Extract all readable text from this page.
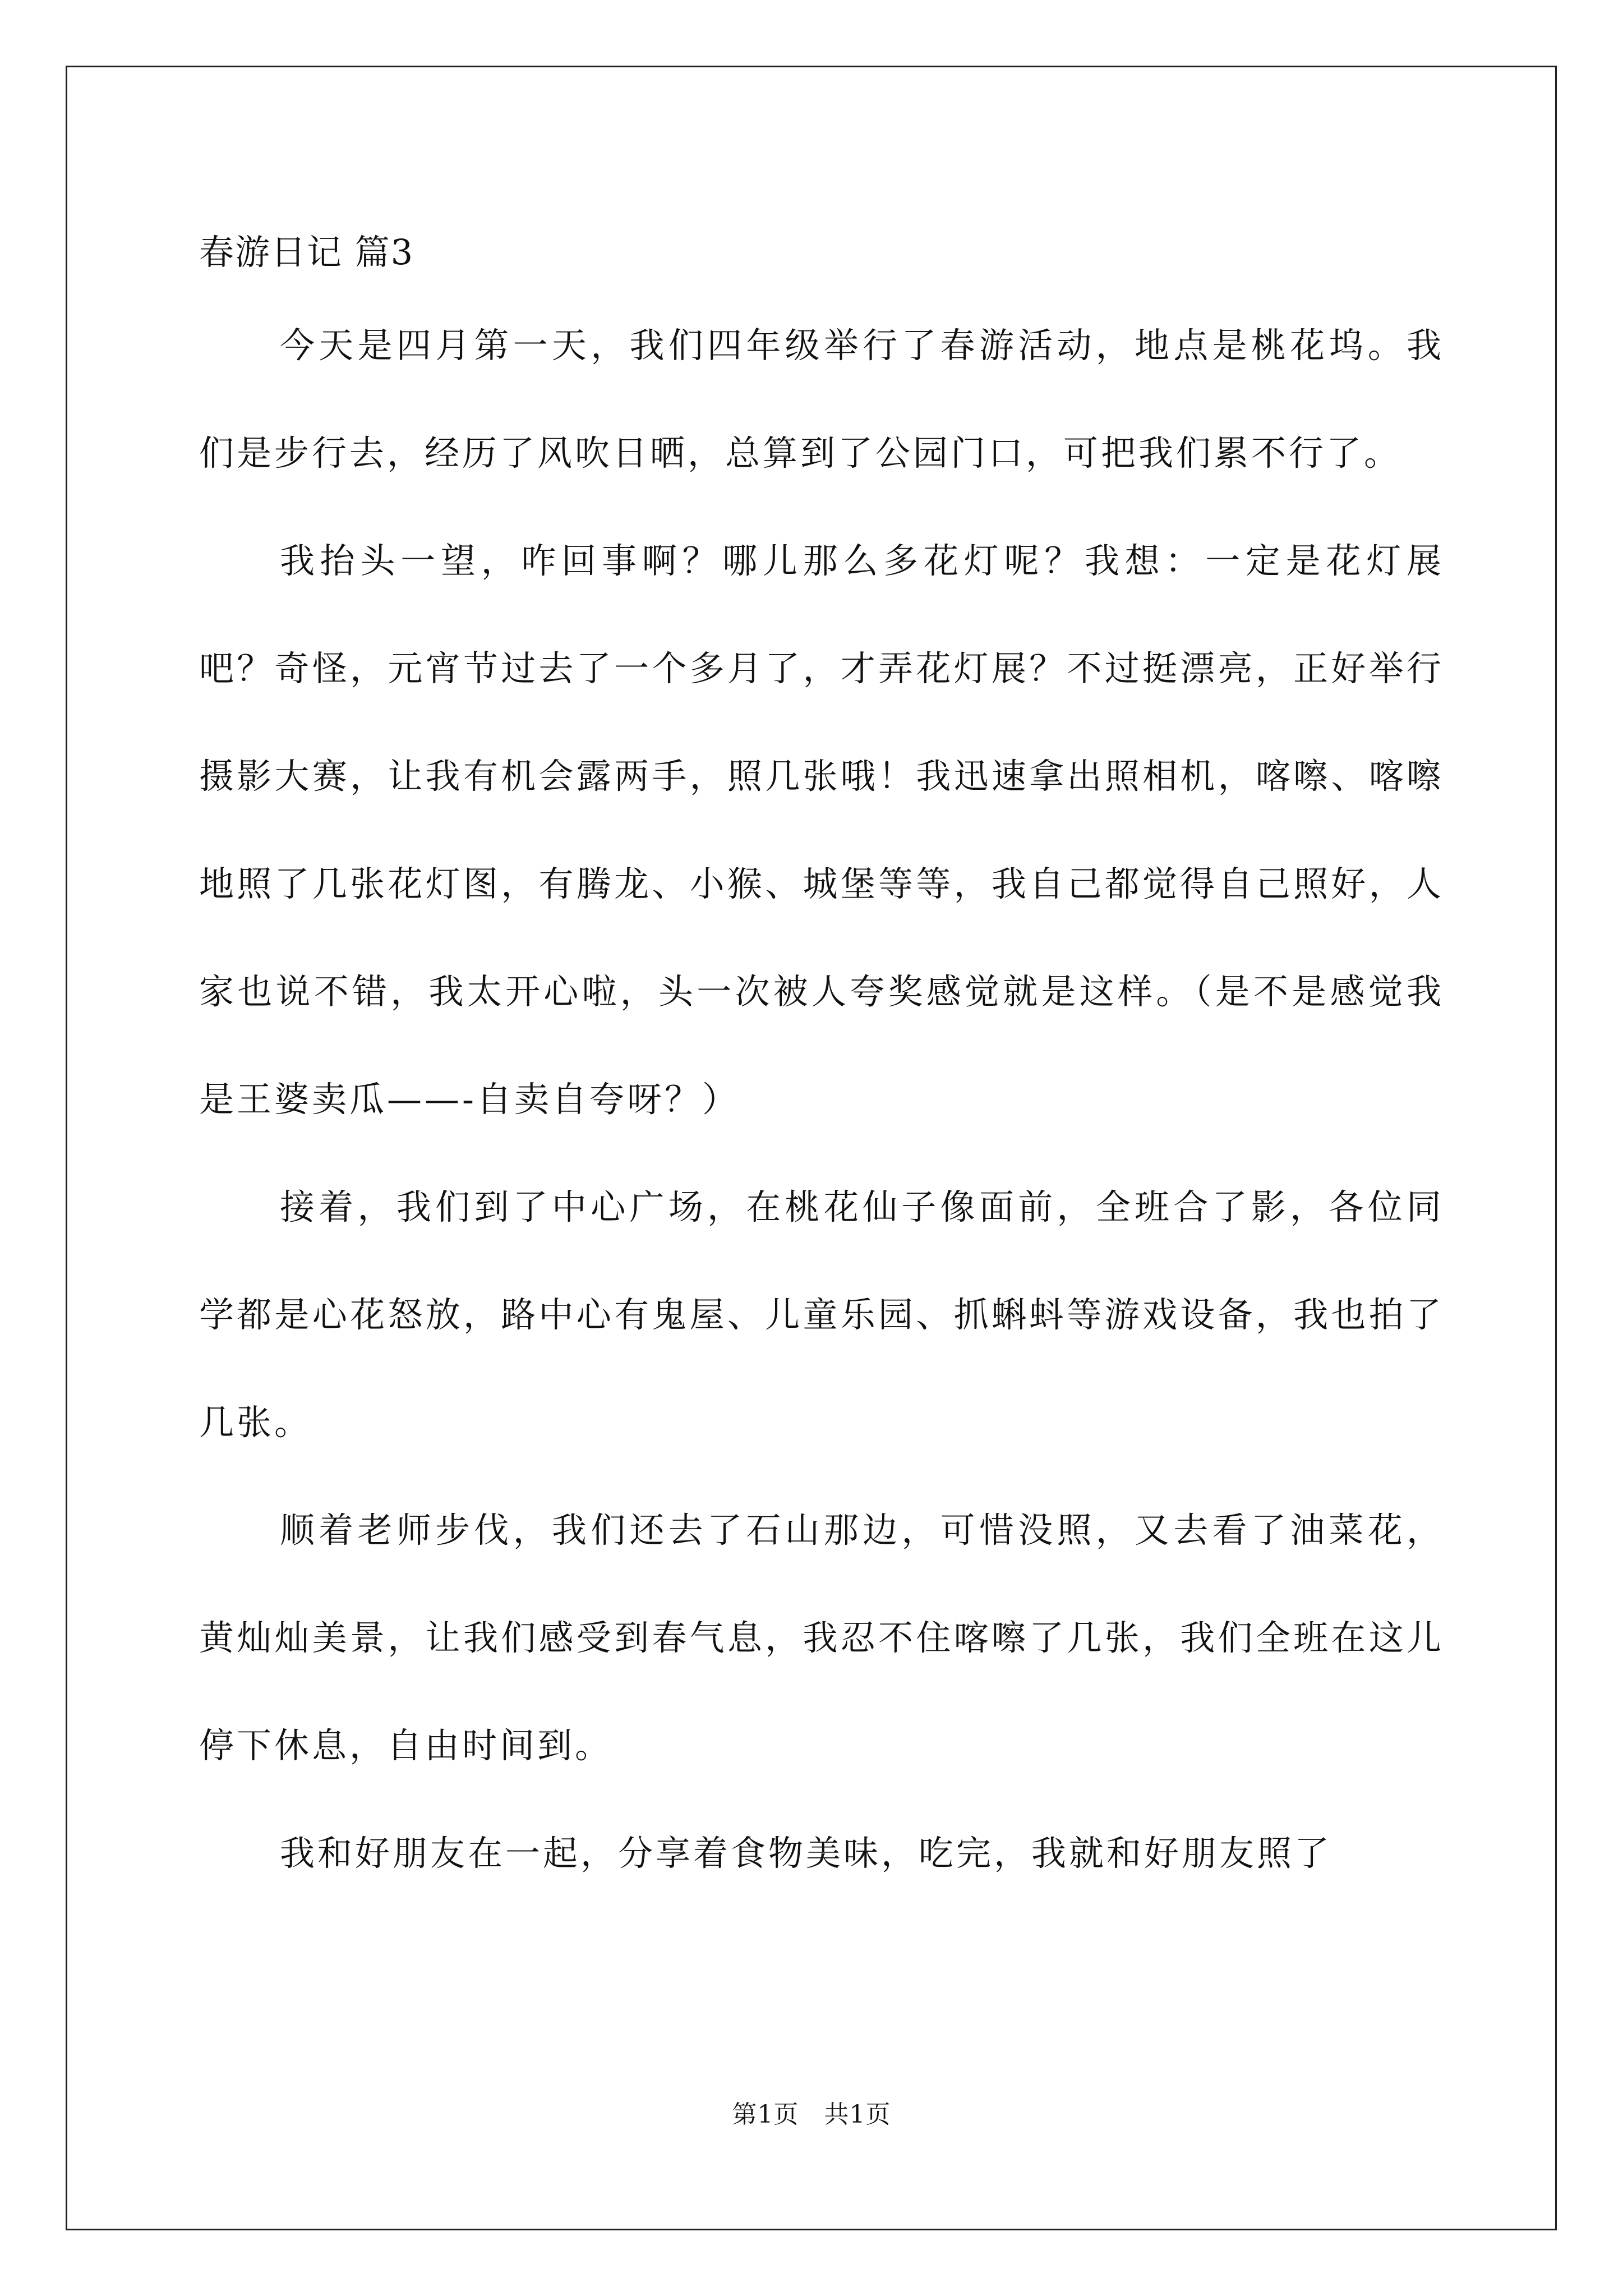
春游日记 篇3

今天是四月第一天，我们四年级举行了春游活动，地点是桃花坞。我们是步行去，经历了风吹日晒，总算到了公园门口，可把我们累不行了。

我抬头一望，咋回事啊？哪儿那么多花灯呢？我想：一定是花灯展吧？奇怪，元宵节过去了一个多月了，才弄花灯展？不过挺漂亮，正好举行摄影大赛，让我有机会露两手，照几张哦！我迅速拿出照相机，喀嚓、喀嚓地照了几张花灯图，有腾龙、小猴、城堡等等，我自己都觉得自己照好，人家也说不错，我太开心啦，头一次被人夸奖感觉就是这样。（是不是感觉我是王婆卖瓜——-自卖自夸呀？）

接着，我们到了中心广场，在桃花仙子像面前，全班合了影，各位同学都是心花怒放，路中心有鬼屋、儿童乐园、抓蝌蚪等游戏设备，我也拍了几张。

顺着老师步伐，我们还去了石山那边，可惜没照，又去看了油菜花，黄灿灿美景，让我们感受到春气息，我忍不住喀嚓了几张，我们全班在这儿停下休息，自由时间到。

我和好朋友在一起，分享着食物美味，吃完，我就和好朋友照了

第1页　共1页
